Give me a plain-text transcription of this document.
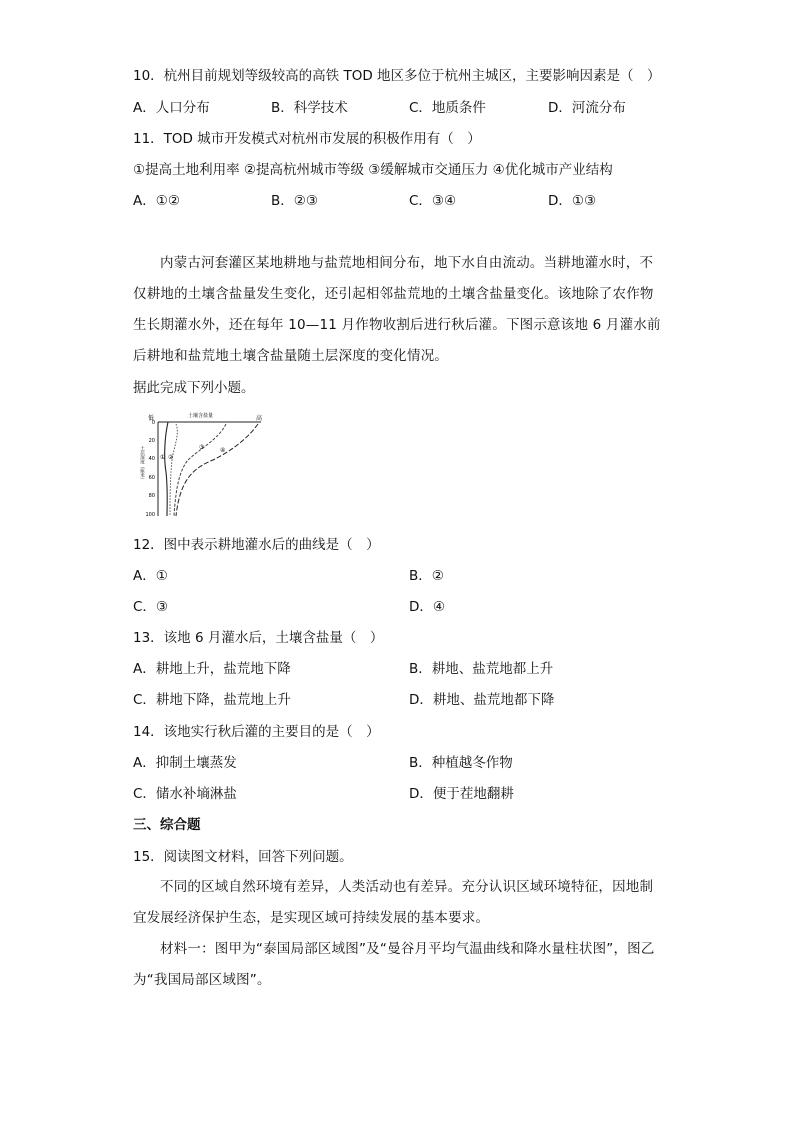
10．杭州目前规划等级较高的高铁 TOD 地区多位于杭州主城区，主要影响因素是（　）
A．人口分布	B．科学技术	C．地质条件	D．河流分布
11．TOD 城市开发模式对杭州市发展的积极作用有（　）
①提高土地利用率 ②提高杭州城市等级 ③缓解城市交通压力 ④优化城市产业结构
A．①②	B．②③	C．③④	D．①③
内蒙古河套灌区某地耕地与盐荒地相间分布，地下水自由流动。当耕地灌水时，不仅耕地的土壤含盐量发生变化，还引起相邻盐荒地的土壤含盐量变化。该地除了农作物生长期灌水外，还在每年 10—11 月作物收割后进行秋后灌。下图示意该地 6 月灌水前后耕地和盐荒地土壤含盐量随土层深度的变化情况。
据此完成下列小题。
低	土壤含盐量	高
0
20
40
60
80
100
土层深度（厘米）	① ②
③	④
12．图中表示耕地灌水后的曲线是（　）
A．①	B．②
C．③	D．④
13．该地 6 月灌水后，土壤含盐量（　）
A．耕地上升，盐荒地下降	B．耕地、盐荒地都上升
C．耕地下降，盐荒地上升	D．耕地、盐荒地都下降
14．该地实行秋后灌的主要目的是（　）
A．抑制土壤蒸发	B．种植越冬作物
C．储水补墒淋盐	D．便于茬地翻耕
三、综合题
15．阅读图文材料，回答下列问题。
不同的区域自然环境有差异，人类活动也有差异。充分认识区域环境特征，因地制宜发展经济保护生态，是实现区域可持续发展的基本要求。
材料一：图甲为“泰国局部区域图”及“曼谷月平均气温曲线和降水量柱状图”，图乙为“我国局部区域图”。
